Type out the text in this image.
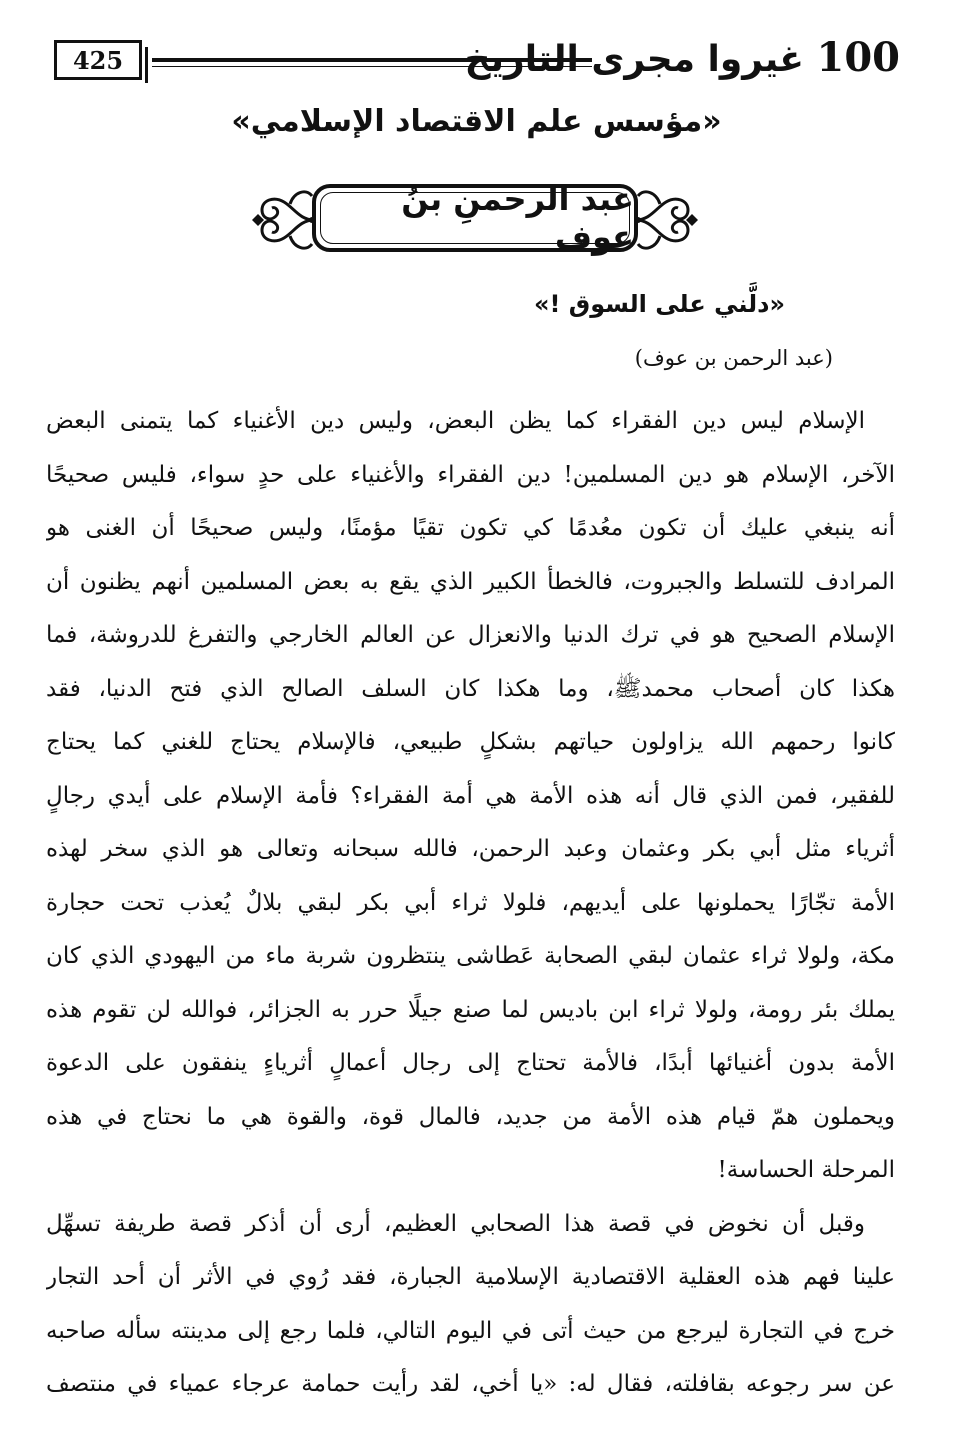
425	100 غيروا مجرى التاريخ
«مؤسس علم الاقتصاد الإسلامي»
عبد الرحمنِ بنُ عوف
«دلَّني على السوق !»
(عبد الرحمن بن عوف)
الإسلام ليس دين الفقراء كما يظن البعض، وليس دين الأغنياء كما يتمنى البعض
الآخر، الإسلام هو دين المسلمين! دين الفقراء والأغنياء على حدٍ سواء، فليس صحيحًا
أنه ينبغي عليك أن تكون معُدمًا كي تكون تقيًا مؤمنًا، وليس صحيحًا أن الغنى هو
المرادف للتسلط والجبروت، فالخطأ الكبير الذي يقع به بعض المسلمين أنهم يظنون أن
الإسلام الصحيح هو في ترك الدنيا والانعزال عن العالم الخارجي والتفرغ للدروشة، فما
هكذا كان أصحاب محمدﷺ، وما هكذا كان السلف الصالح الذي فتح الدنيا، فقد
كانوا رحمهم الله يزاولون حياتهم بشكلٍ طبيعي، فالإسلام يحتاج للغني كما يحتاج
للفقير، فمن الذي قال أنه هذه الأمة هي أمة الفقراء؟ فأمة الإسلام على أيدي رجالٍ
أثرياء مثل أبي بكر وعثمان وعبد الرحمن، فالله سبحانه وتعالى هو الذي سخر لهذه
الأمة تجّارًا يحملونها على أيديهم، فلولا ثراء أبي بكر لبقي بلالٌ يُعذب تحت حجارة
مكة، ولولا ثراء عثمان لبقي الصحابة عَطاشى ينتظرون شربة ماء من اليهودي الذي كان
يملك بئر رومة، ولولا ثراء ابن باديس لما صنع جيلًا حرر به الجزائر، فوالله لن تقوم هذه
الأمة بدون أغنيائها أبدًا، فالأمة تحتاج إلى رجال أعمالٍ أثرياءٍ ينفقون على الدعوة
ويحملون همّ قيام هذه الأمة من جديد، فالمال قوة، والقوة هي ما نحتاج في هذه
المرحلة الحساسة!
وقبل أن نخوض في قصة هذا الصحابي العظيم، أرى أن أذكر قصة طريفة تسهِّل
علينا فهم هذه العقلية الاقتصادية الإسلامية الجبارة، فقد رُوي في الأثر أن أحد التجار
خرج في التجارة ليرجع من حيث أتى في اليوم التالي، فلما رجع إلى مدينته سأله صاحبه
عن سر رجوعه بقافلته، فقال له: «يا أخي، لقد رأيت حمامة عرجاء عمياء في منتصف
